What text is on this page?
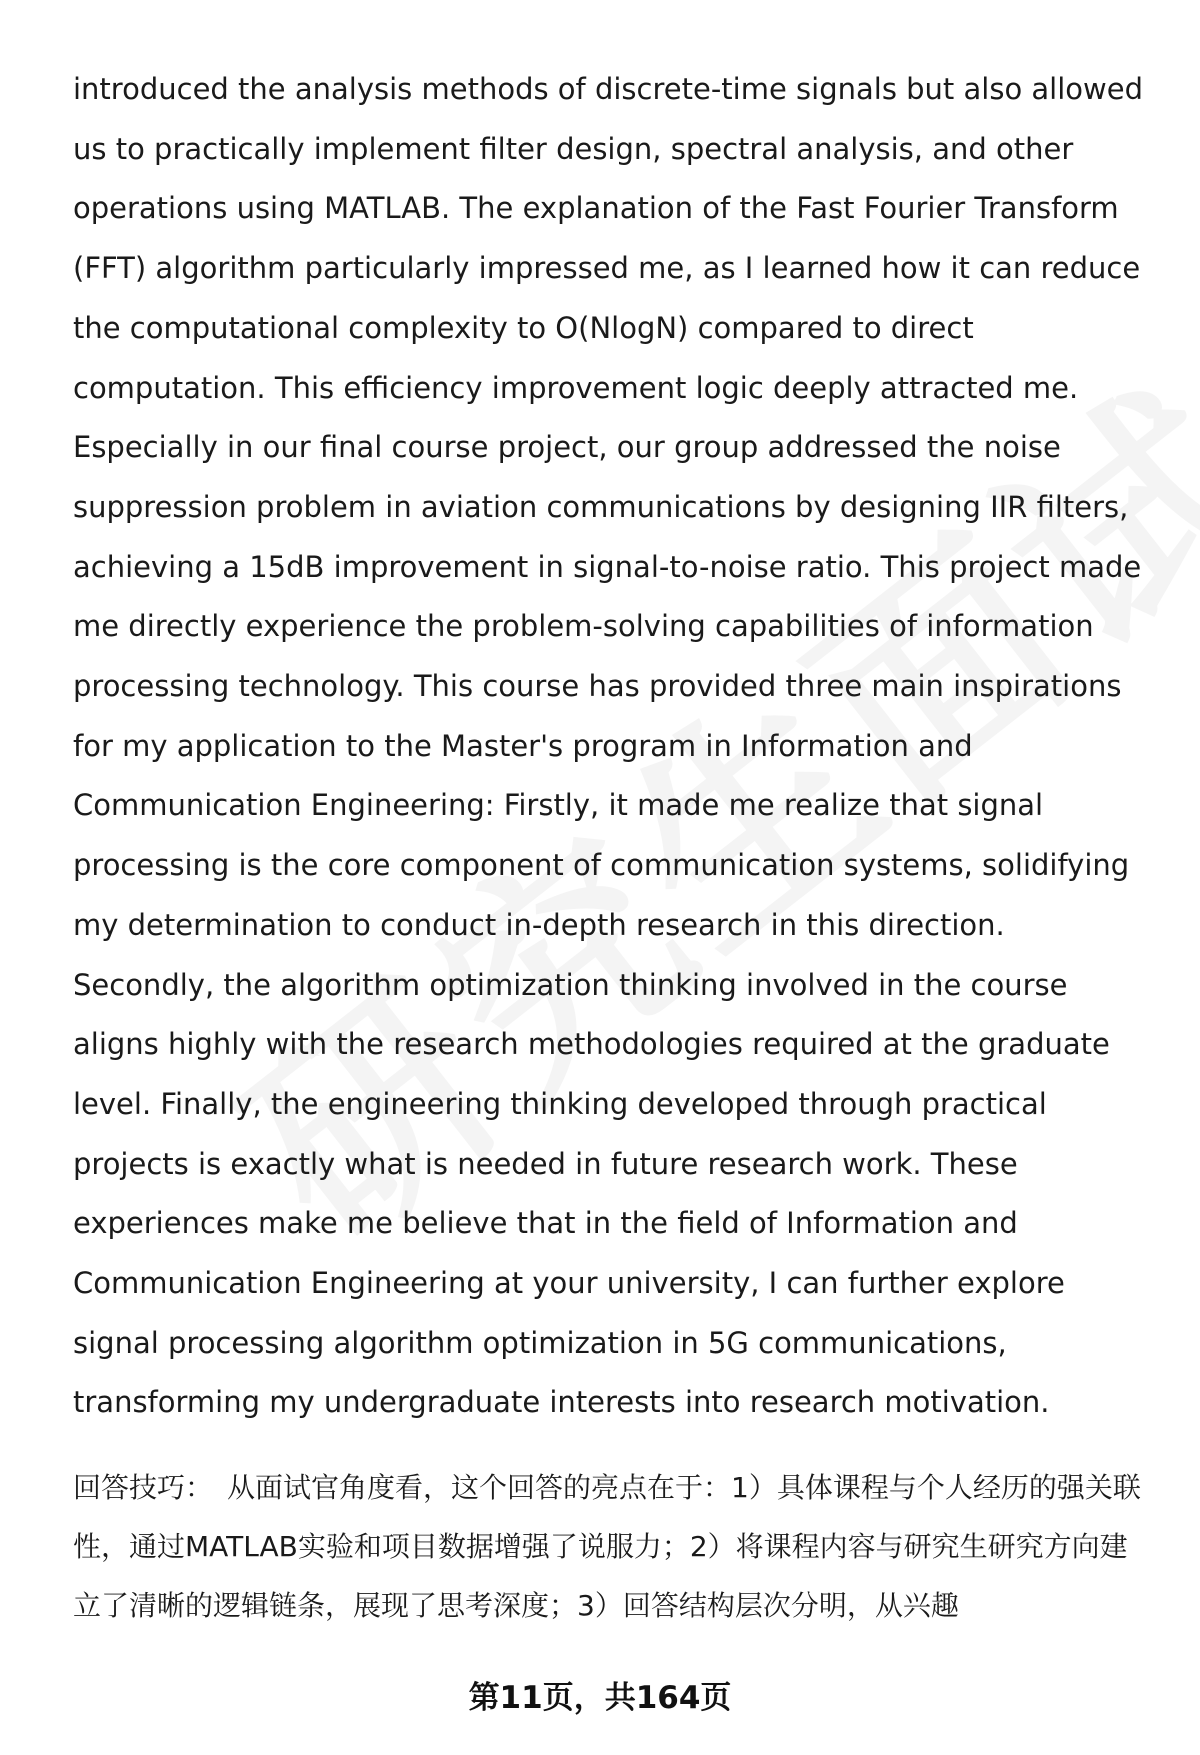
introduced the analysis methods of discrete-time signals but also allowed us to practically implement filter design, spectral analysis, and other operations using MATLAB. The explanation of the Fast Fourier Transform (FFT) algorithm particularly impressed me, as I learned how it can reduce the computational complexity to O(NlogN) compared to direct computation. This efficiency improvement logic deeply attracted me. Especially in our final course project, our group addressed the noise suppression problem in aviation communications by designing IIR filters, achieving a 15dB improvement in signal-to-noise ratio. This project made me directly experience the problem-solving capabilities of information processing technology. This course has provided three main inspirations for my application to the Master's program in Information and Communication Engineering: Firstly, it made me realize that signal processing is the core component of communication systems, solidifying my determination to conduct in-depth research in this direction. Secondly, the algorithm optimization thinking involved in the course aligns highly with the research methodologies required at the graduate level. Finally, the engineering thinking developed through practical projects is exactly what is needed in future research work. These experiences make me believe that in the field of Information and Communication Engineering at your university, I can further explore signal processing algorithm optimization in 5G communications, transforming my undergraduate interests into research motivation.

回答技巧： 从面试官角度看，这个回答的亮点在于：1）具体课程与个人经历的强关联性，通过MATLAB实验和项目数据增强了说服力；2）将课程内容与研究生研究方向建立了清晰的逻辑链条，展现了思考深度；3）回答结构层次分明，从兴趣

第11页，共164页
